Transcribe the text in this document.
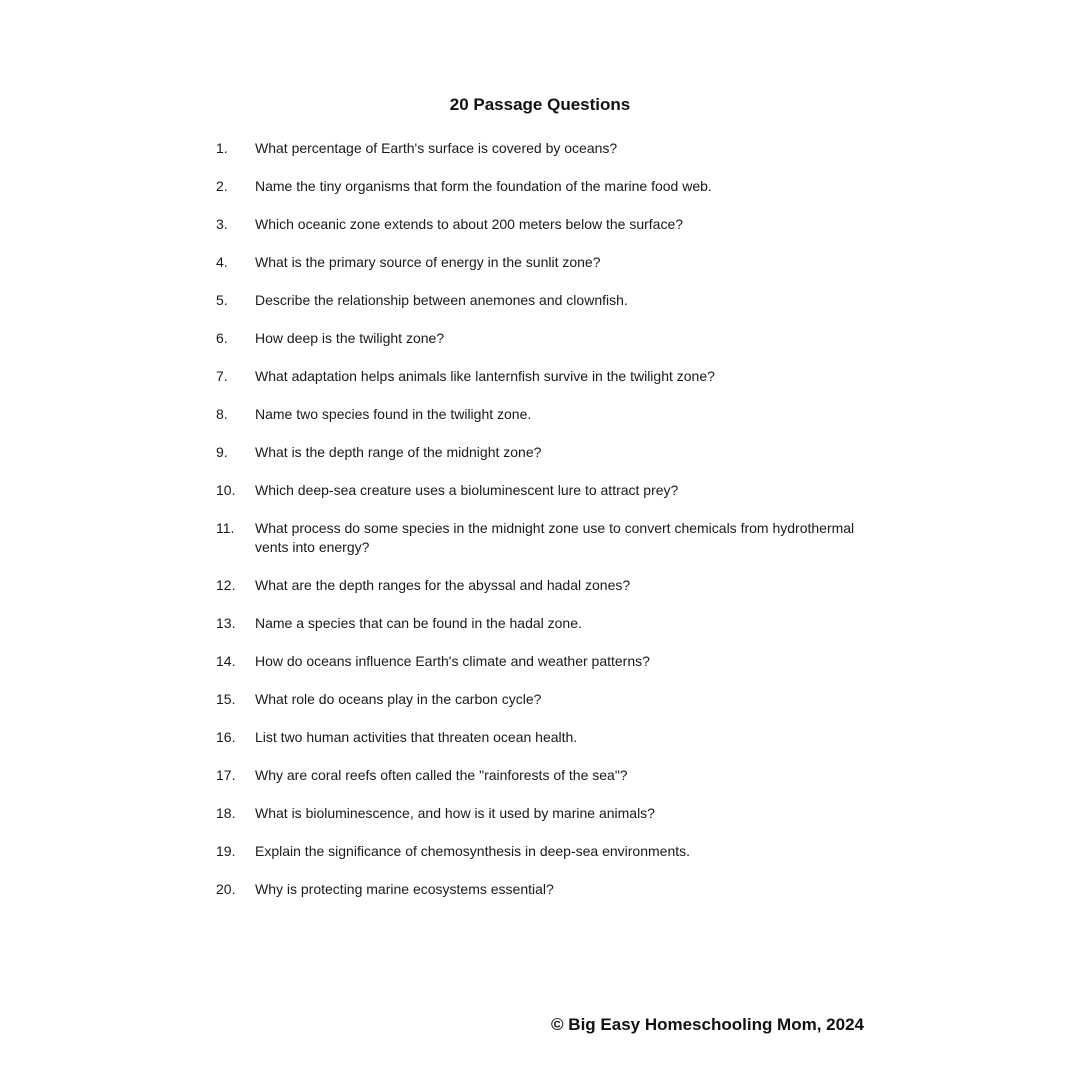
20 Passage Questions
1.	What percentage of Earth's surface is covered by oceans?
2.	Name the tiny organisms that form the foundation of the marine food web.
3.	Which oceanic zone extends to about 200 meters below the surface?
4.	What is the primary source of energy in the sunlit zone?
5.	Describe the relationship between anemones and clownfish.
6.	How deep is the twilight zone?
7.	What adaptation helps animals like lanternfish survive in the twilight zone?
8.	Name two species found in the twilight zone.
9.	What is the depth range of the midnight zone?
10.	Which deep-sea creature uses a bioluminescent lure to attract prey?
11.	What process do some species in the midnight zone use to convert chemicals from hydrothermal vents into energy?
12.	What are the depth ranges for the abyssal and hadal zones?
13.	Name a species that can be found in the hadal zone.
14.	How do oceans influence Earth's climate and weather patterns?
15.	What role do oceans play in the carbon cycle?
16.	List two human activities that threaten ocean health.
17.	Why are coral reefs often called the "rainforests of the sea"?
18.	What is bioluminescence, and how is it used by marine animals?
19.	Explain the significance of chemosynthesis in deep-sea environments.
20.	Why is protecting marine ecosystems essential?
© Big Easy Homeschooling Mom, 2024
